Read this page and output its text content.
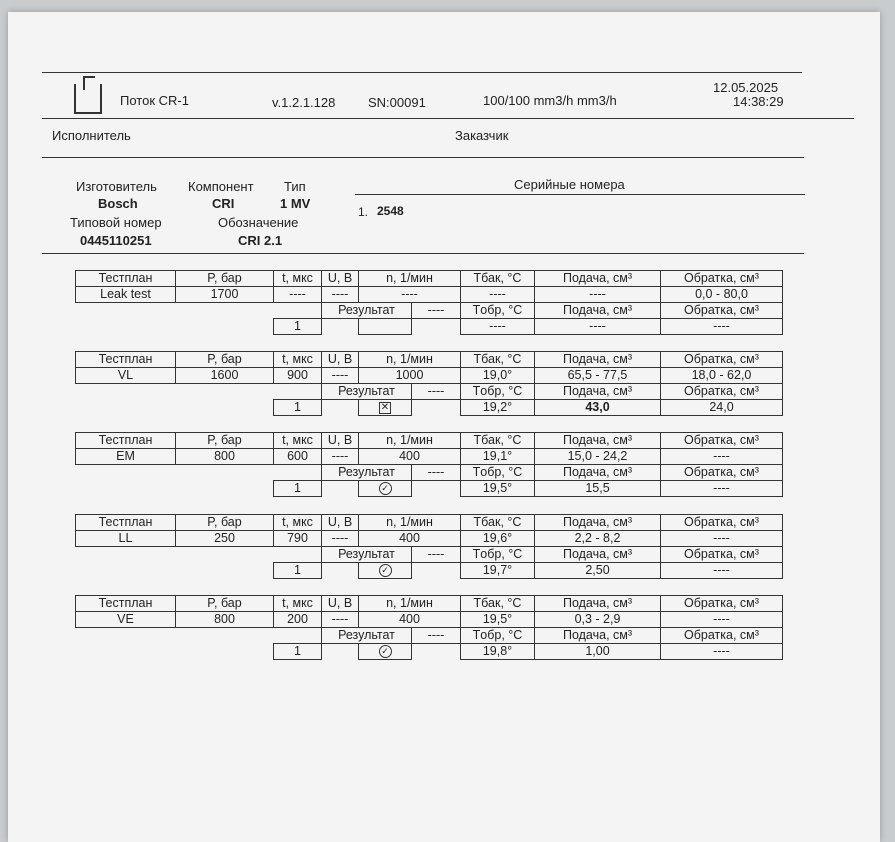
Поток CR-1	v.1.2.1.128	SN:00091	100/100 mm3/h mm3/h
12.05.2025
14:38:29
Исполнитель	Заказчик
Изготовитель
Bosch
Компонент
CRI
Тип
1 MV
Типовой номер
0445110251
Обозначение
CRI 2.1
Серийные номера
1. 2548
Тестплан	P, бар	t, мкс	U, В	n, 1/мин		Tбак, °C	Подача, см³	Обратка, см³
Leak test	1700	----	----	----		----	----	0,0 - 80,0
			Результат		----	Tобр, °C	Подача, см³	Обратка, см³
		1				----	----	----
Тестплан	P, бар	t, мкс	U, В	n, 1/мин		Tбак, °C	Подача, см³	Обратка, см³
VL	1600	900	----	1000		19,0°	65,5 - 77,5	18,0 - 62,0
			Результат		----	Tобр, °C	Подача, см³	Обратка, см³
		1		✕		19,2°	43,0	24,0
Тестплан	P, бар	t, мкс	U, В	n, 1/мин		Tбак, °C	Подача, см³	Обратка, см³
EM	800	600	----	400		19,1°	15,0 - 24,2	----
			Результат		----	Tобр, °C	Подача, см³	Обратка, см³
		1		✓		19,5°	15,5	----
Тестплан	P, бар	t, мкс	U, В	n, 1/мин		Tбак, °C	Подача, см³	Обратка, см³
LL	250	790	----	400		19,6°	2,2 - 8,2	----
			Результат		----	Tобр, °C	Подача, см³	Обратка, см³
		1		✓		19,7°	2,50	----
Тестплан	P, бар	t, мкс	U, В	n, 1/мин		Tбак, °C	Подача, см³	Обратка, см³
VE	800	200	----	400		19,5°	0,3 - 2,9	----
			Результат		----	Tобр, °C	Подача, см³	Обратка, см³
		1		✓		19,8°	1,00	----
